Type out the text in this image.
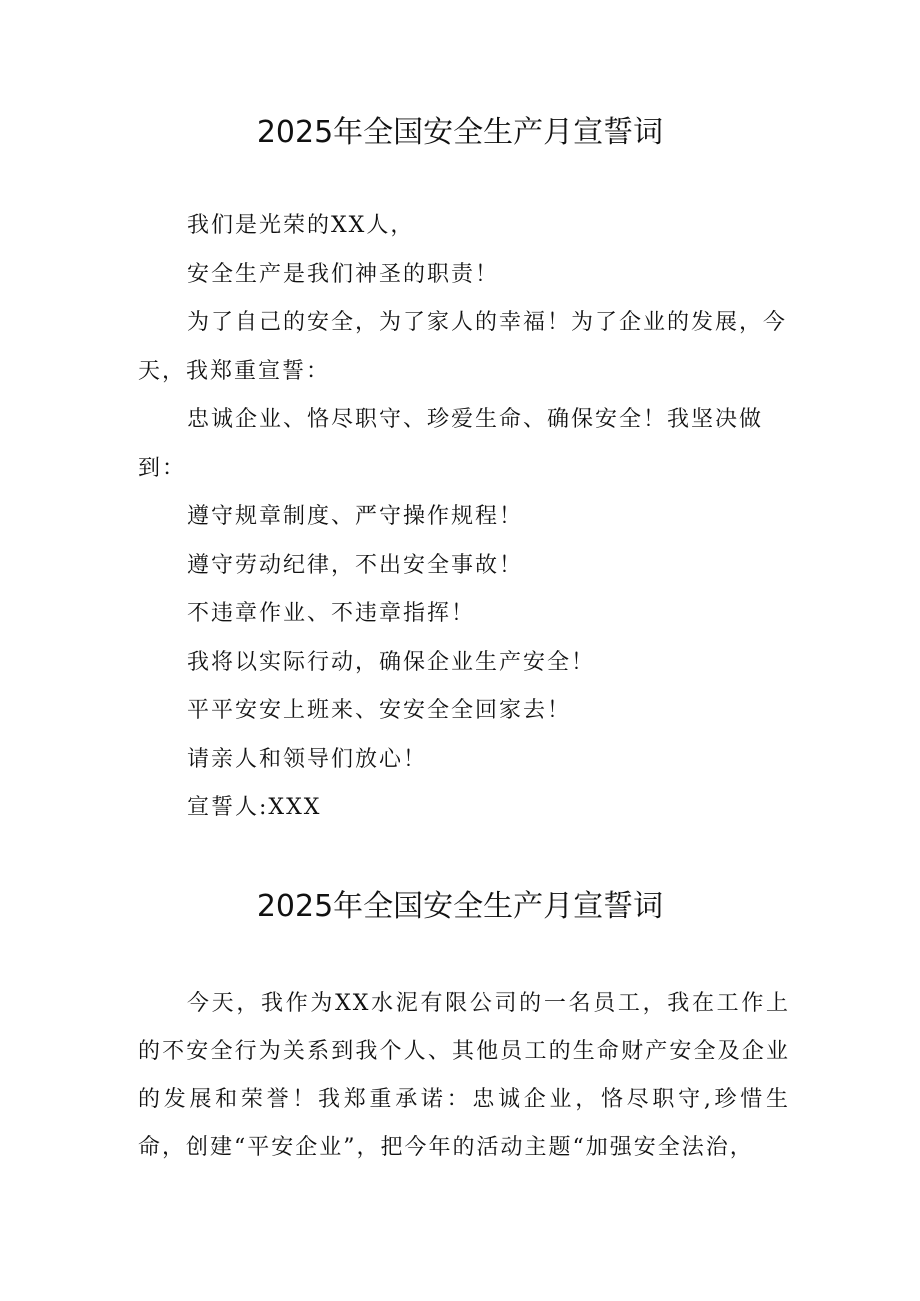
2025年全国安全生产月宣誓词

我们是光荣的XX人，

安全生产是我们神圣的职责！

为了自己的安全，为了家人的幸福！为了企业的发展，今天，我郑重宣誓：

忠诚企业、恪尽职守、珍爱生命、确保安全！我坚决做到：

遵守规章制度、严守操作规程！

遵守劳动纪律，不出安全事故！

不违章作业、不违章指挥！

我将以实际行动，确保企业生产安全！

平平安安上班来、安安全全回家去！

请亲人和领导们放心！

宣誓人:XXX

2025年全国安全生产月宣誓词

今天，我作为XX水泥有限公司的一名员工，我在工作上的不安全行为关系到我个人、其他员工的生命财产安全及企业的发展和荣誉！我郑重承诺：忠诚企业，恪尽职守,珍惜生命，创建“平安企业”，把今年的活动主题“加强安全法治，
